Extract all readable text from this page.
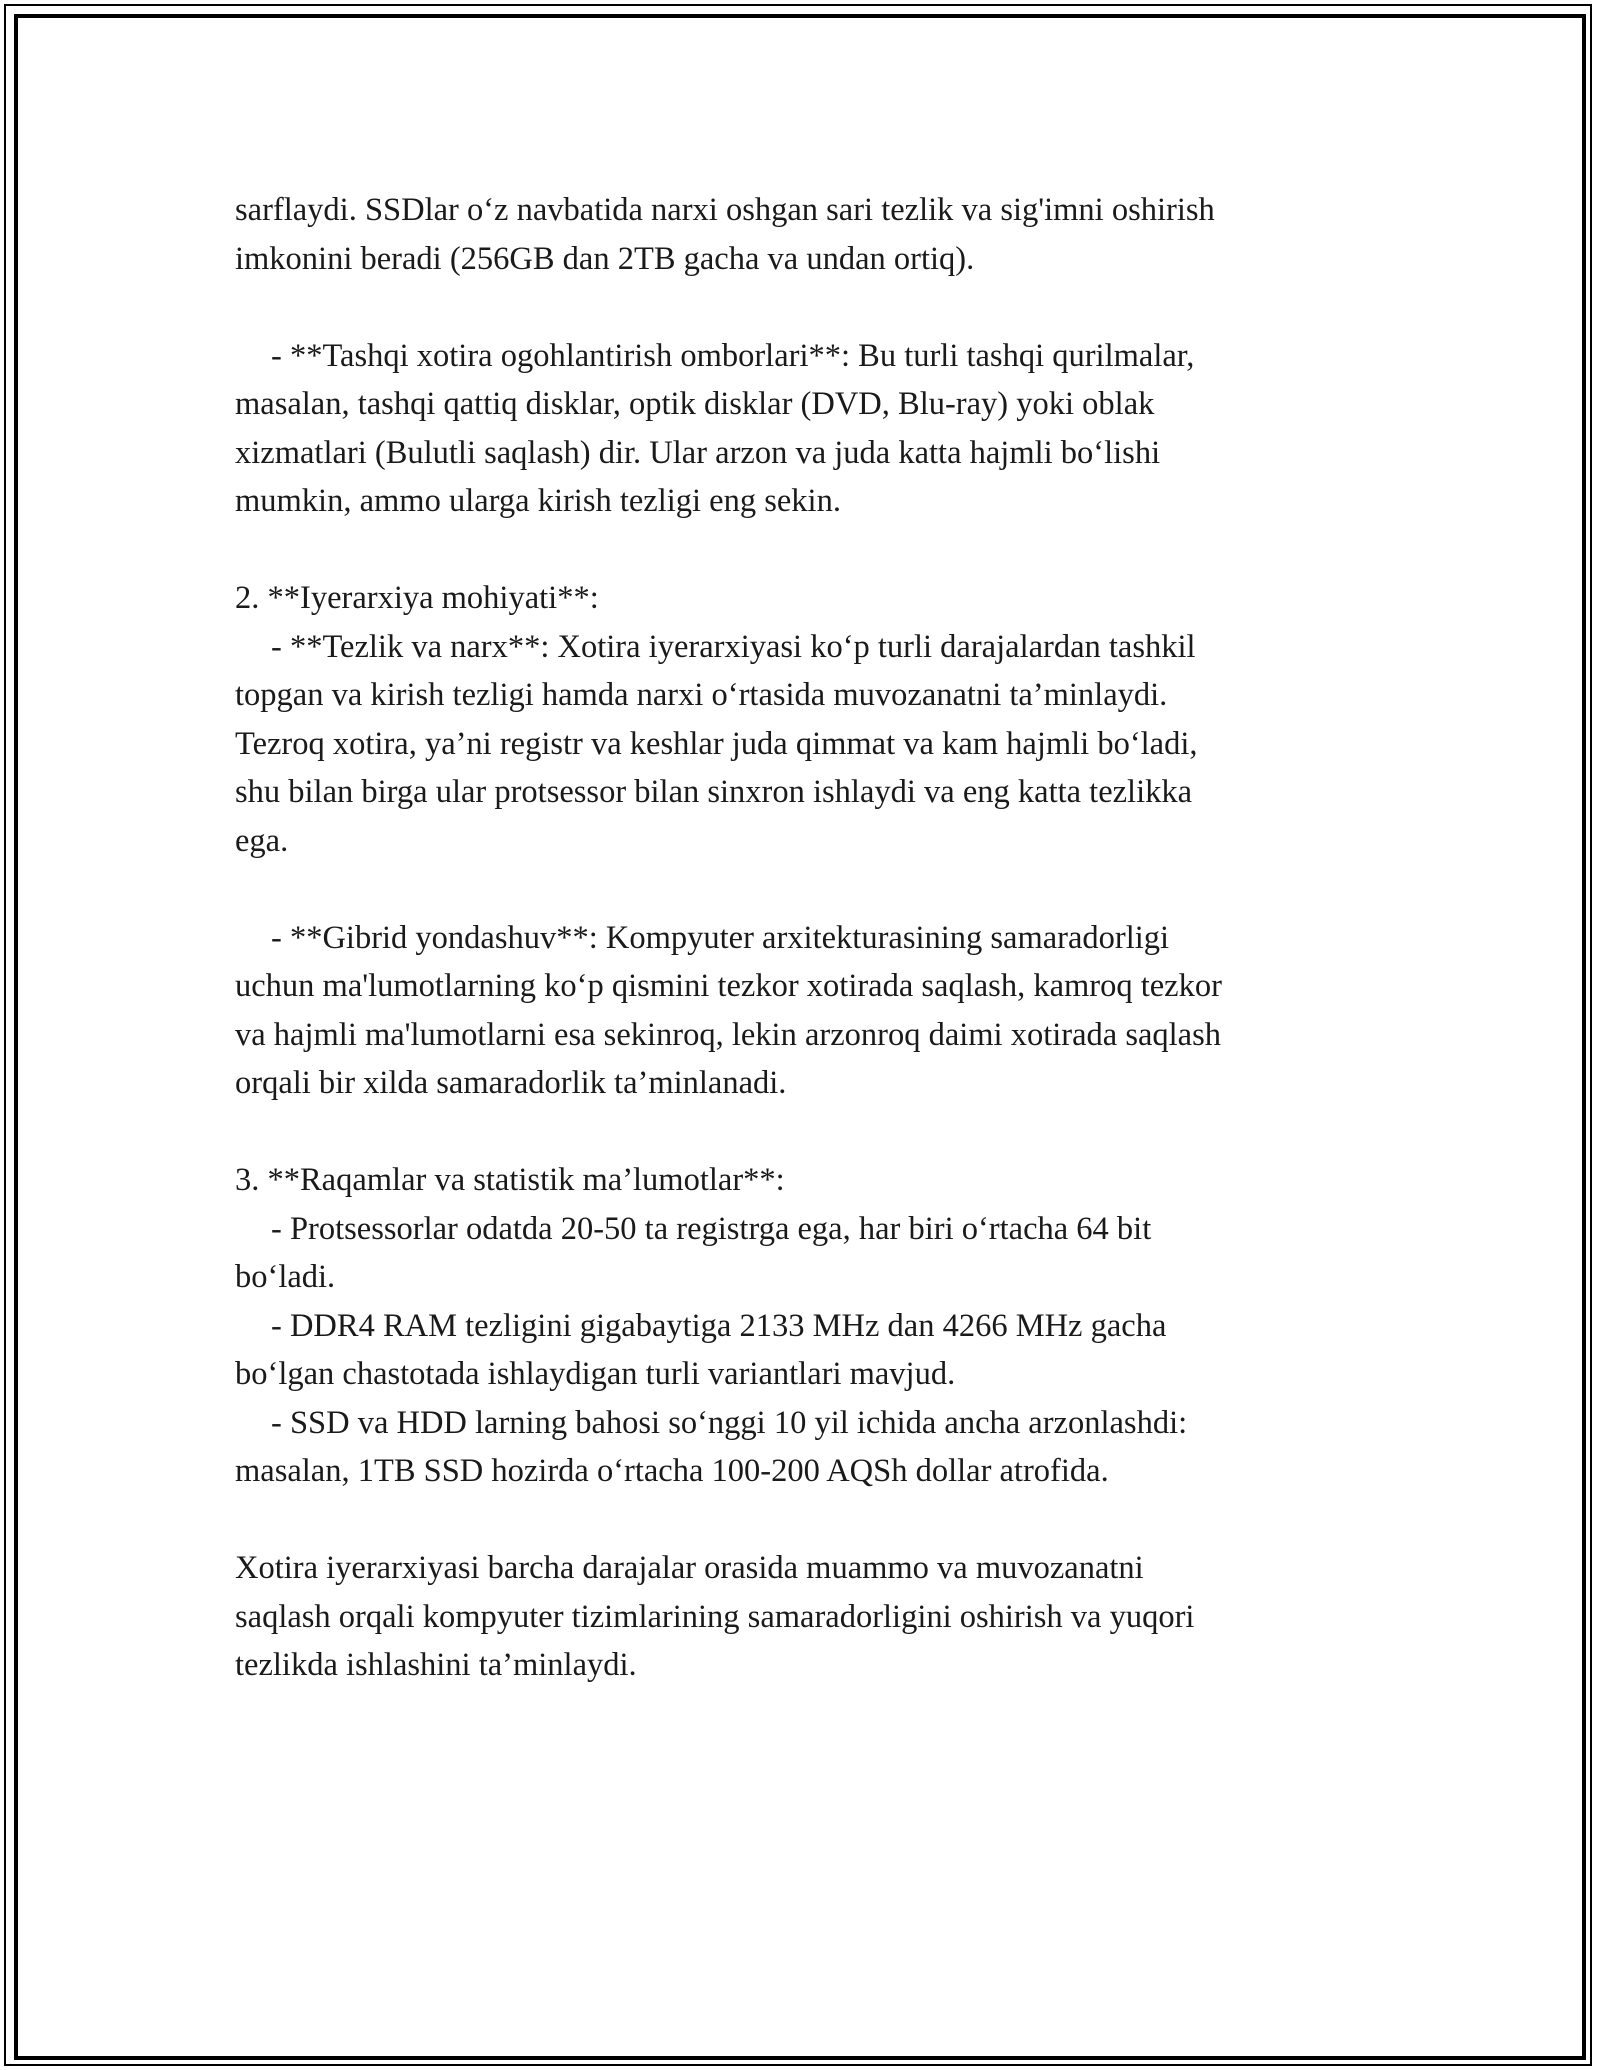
sarflaydi. SSDlar o‘z navbatida narxi oshgan sari tezlik va sig'imni oshirish

imkonini beradi (256GB dan 2TB gacha va undan ortiq).

- **Tashqi xotira ogohlantirish omborlari**: Bu turli tashqi qurilmalar,

masalan, tashqi qattiq disklar, optik disklar (DVD, Blu-ray) yoki oblak

xizmatlari (Bulutli saqlash) dir. Ular arzon va juda katta hajmli bo‘lishi

mumkin, ammo ularga kirish tezligi eng sekin.

2. **Iyerarxiya mohiyati**:

- **Tezlik va narx**: Xotira iyerarxiyasi ko‘p turli darajalardan tashkil

topgan va kirish tezligi hamda narxi o‘rtasida muvozanatni ta’minlaydi.

Tezroq xotira, ya’ni registr va keshlar juda qimmat va kam hajmli bo‘ladi,

shu bilan birga ular protsessor bilan sinxron ishlaydi va eng katta tezlikka

ega.

- **Gibrid yondashuv**: Kompyuter arxitekturasining samaradorligi

uchun ma'lumotlarning ko‘p qismini tezkor xotirada saqlash, kamroq tezkor

va hajmli ma'lumotlarni esa sekinroq, lekin arzonroq daimi xotirada saqlash

orqali bir xilda samaradorlik ta’minlanadi.

3. **Raqamlar va statistik ma’lumotlar**:

- Protsessorlar odatda 20-50 ta registrga ega, har biri o‘rtacha 64 bit

bo‘ladi.

- DDR4 RAM tezligini gigabaytiga 2133 MHz dan 4266 MHz gacha

bo‘lgan chastotada ishlaydigan turli variantlari mavjud.

- SSD va HDD larning bahosi so‘nggi 10 yil ichida ancha arzonlashdi:

masalan, 1TB SSD hozirda o‘rtacha 100-200 AQSh dollar atrofida.

Xotira iyerarxiyasi barcha darajalar orasida muammo va muvozanatni

saqlash orqali kompyuter tizimlarining samaradorligini oshirish va yuqori

tezlikda ishlashini ta’minlaydi.
